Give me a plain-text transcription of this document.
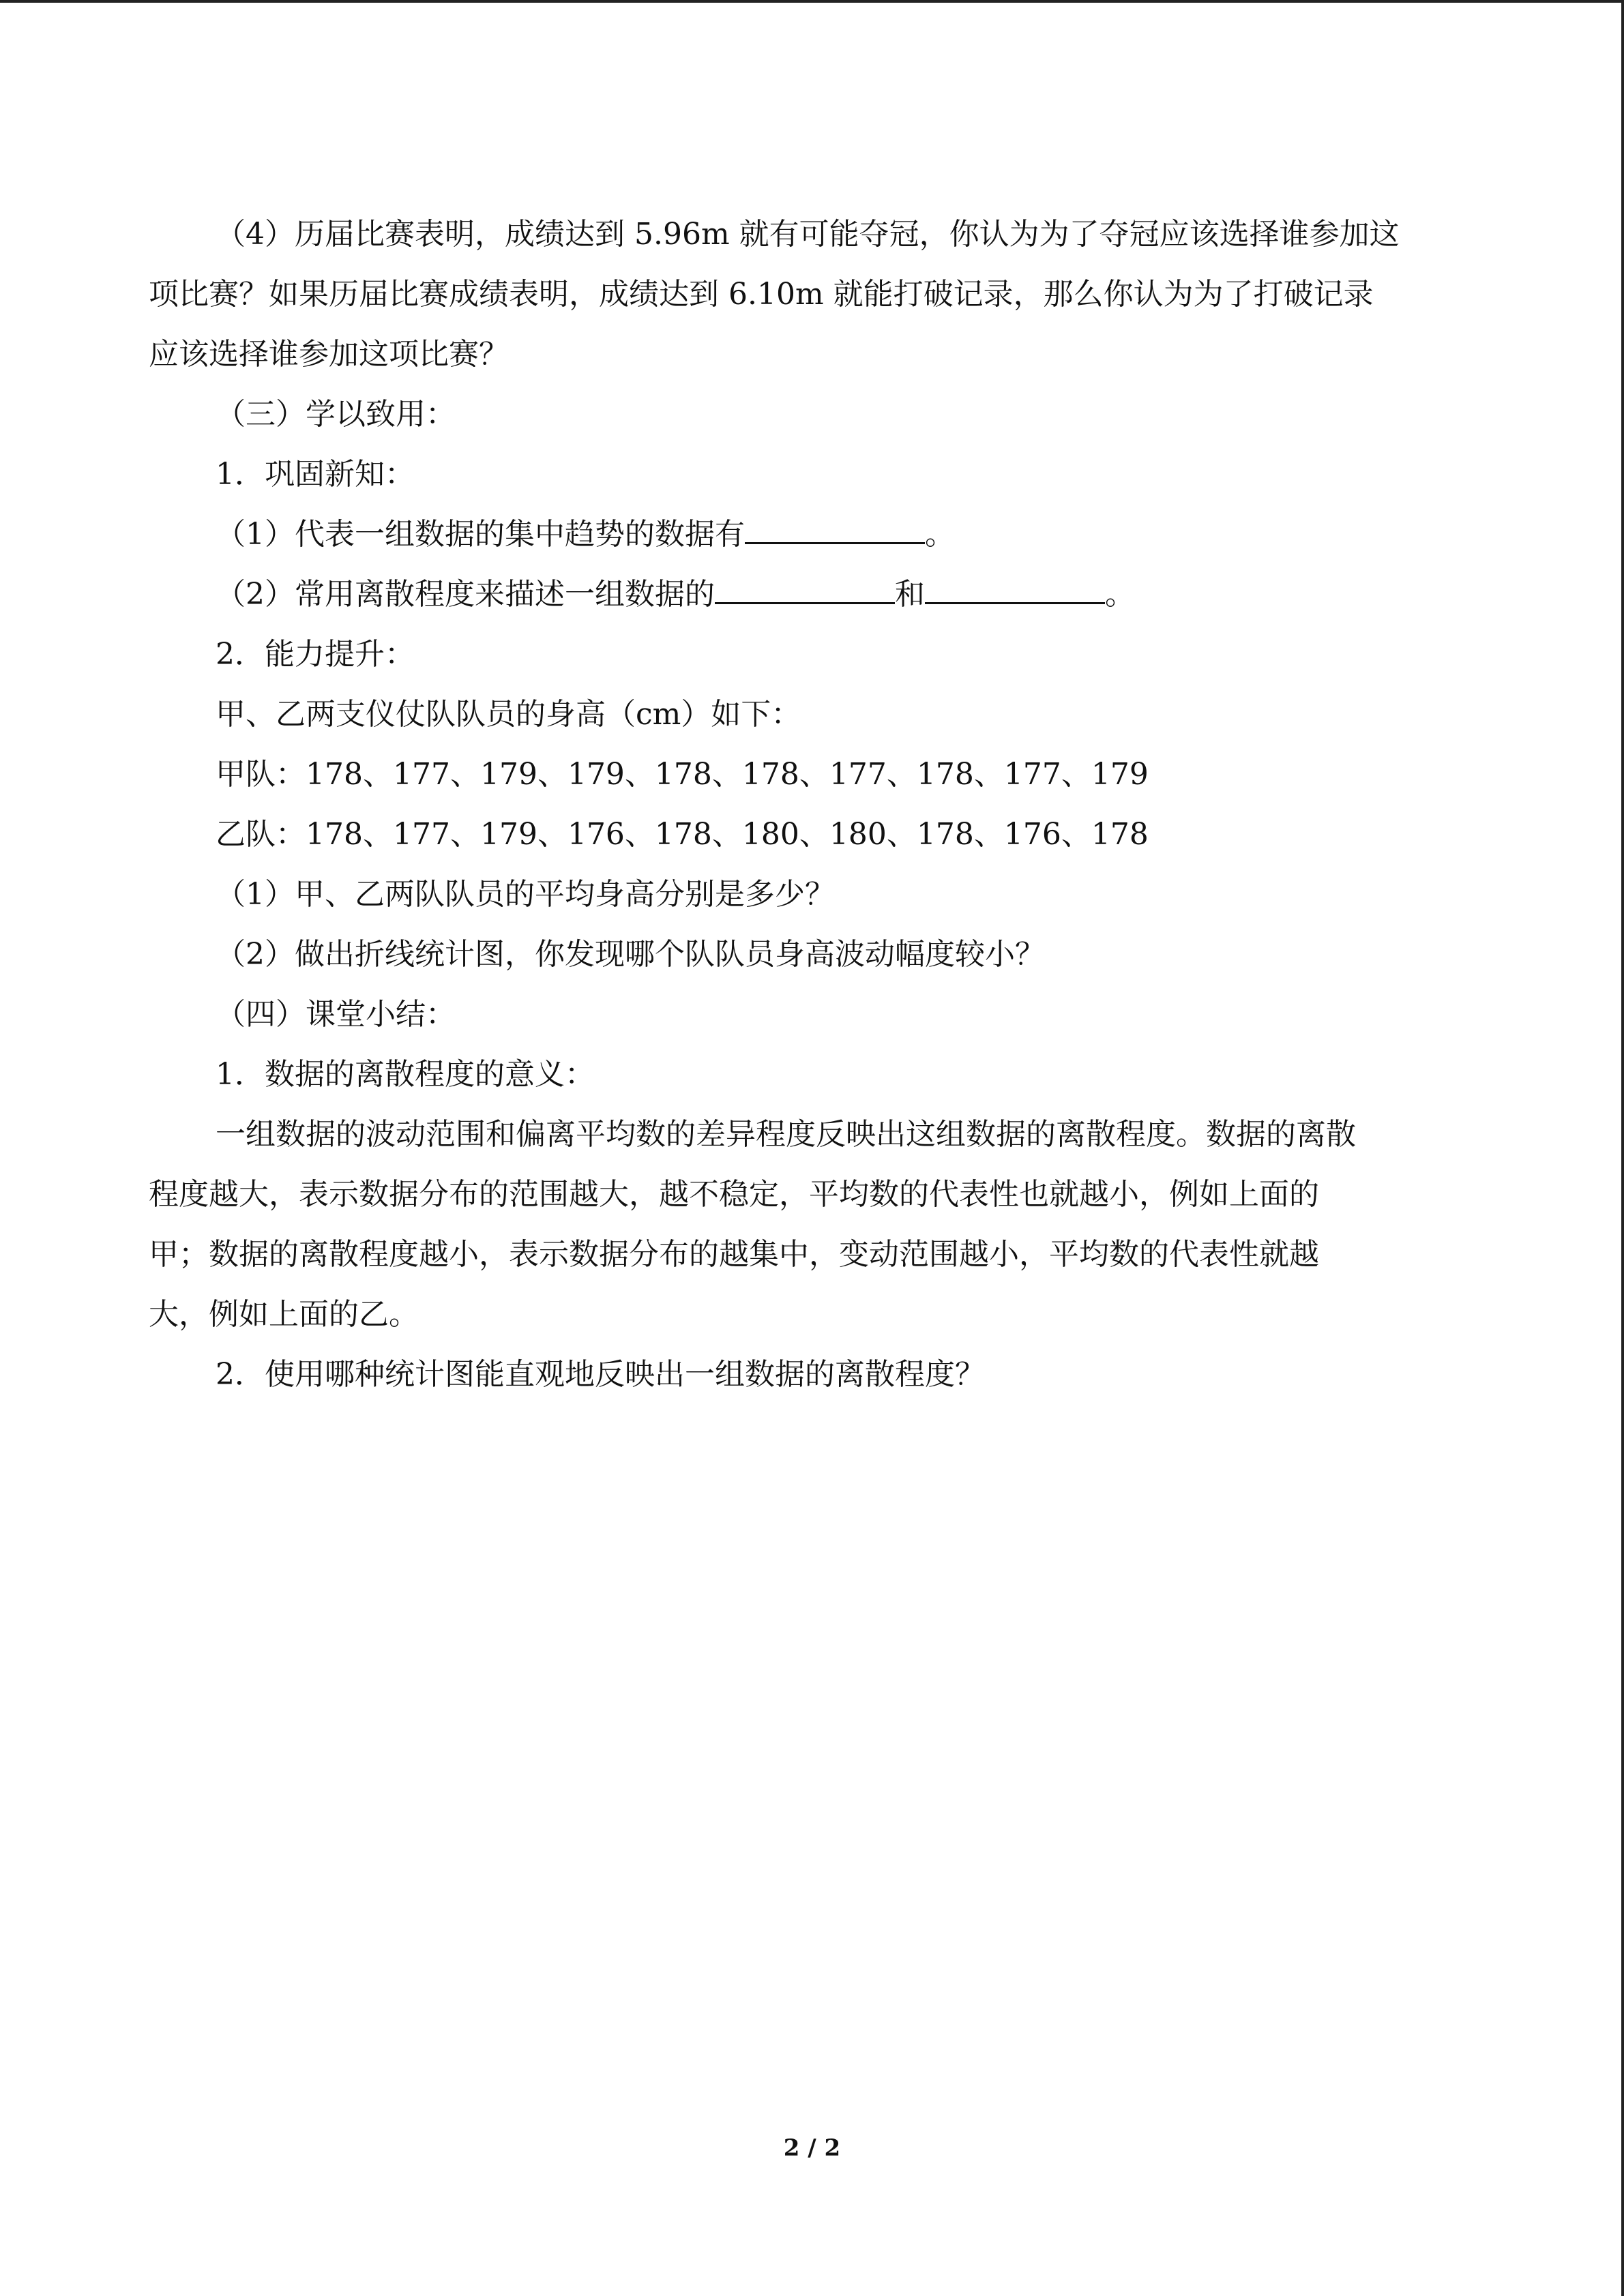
（4）历届比赛表明，成绩达到 5.96m 就有可能夺冠，你认为为了夺冠应该选择谁参加这

项比赛？如果历届比赛成绩表明，成绩达到 6.10m 就能打破记录，那么你认为为了打破记录

应该选择谁参加这项比赛？

（三）学以致用：

1．巩固新知：

（1）代表一组数据的集中趋势的数据有	。

（2）常用离散程度来描述一组数据的	和	。

2．能力提升：

甲、乙两支仪仗队队员的身高（cm）如下：

甲队：178、177、179、179、178、178、177、178、177、179

乙队：178、177、179、176、178、180、180、178、176、178

（1）甲、乙两队队员的平均身高分别是多少？

（2）做出折线统计图，你发现哪个队队员身高波动幅度较小？

（四）课堂小结：

1．数据的离散程度的意义：

一组数据的波动范围和偏离平均数的差异程度反映出这组数据的离散程度。数据的离散

程度越大，表示数据分布的范围越大，越不稳定，平均数的代表性也就越小，例如上面的

甲；数据的离散程度越小，表示数据分布的越集中，变动范围越小，平均数的代表性就越

大，例如上面的乙。

2．使用哪种统计图能直观地反映出一组数据的离散程度？

2 / 2
